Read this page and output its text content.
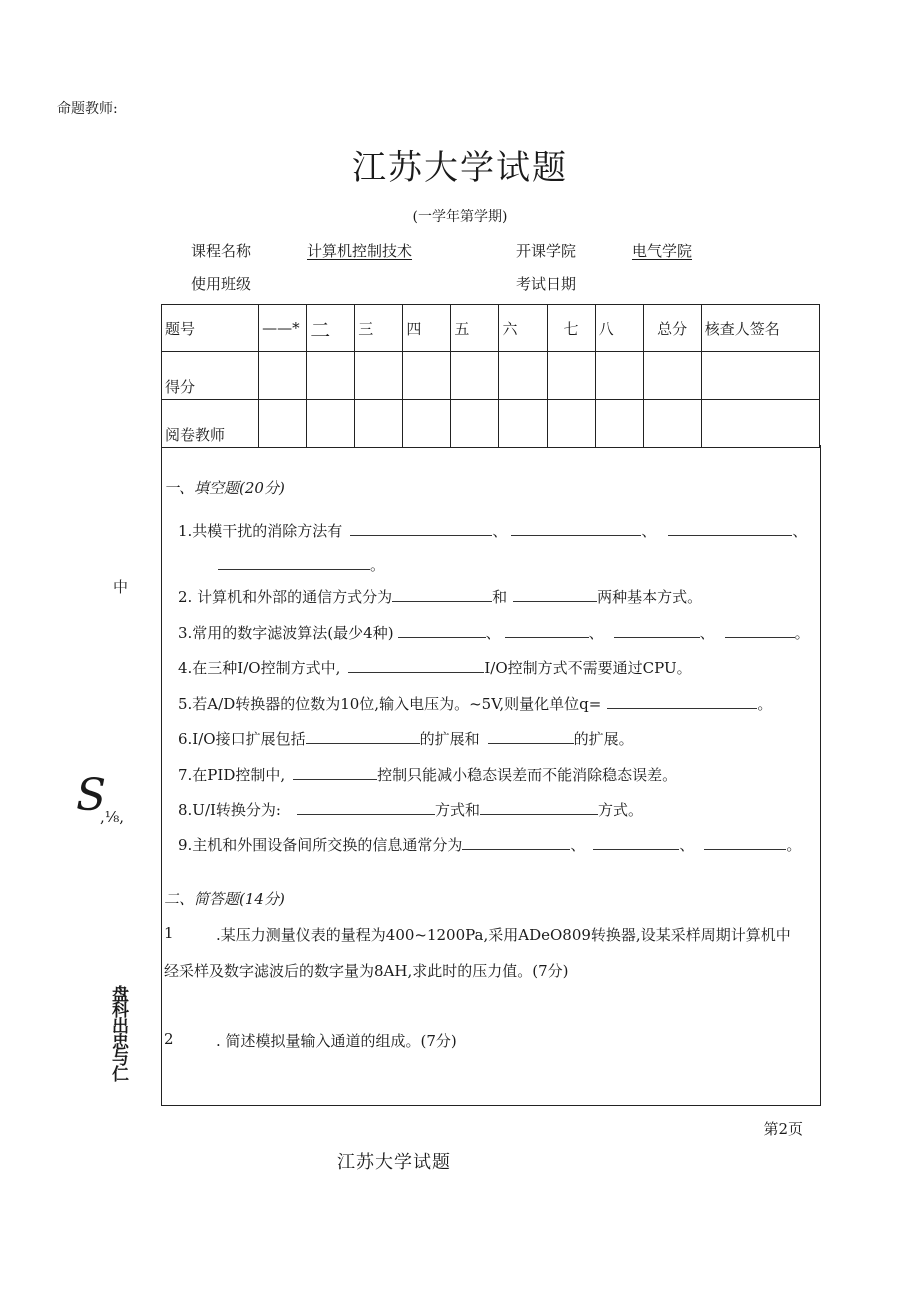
命题教师:
江苏大学试题
(一学年第学期)
课程名称	计算机控制技术	开课学院	电气学院
使用班级	考试日期
题号	——*	二	三	四	五	六	七	八	总分	核查人签名
得分										
阅卷教师										
一、填空题(20分)
1.共模干扰的消除方法有	、	、	、
。
2. 计算机和外部的通信方式分为	和	两种基本方式。
3.常用的数字滤波算法(最少4种)	、	、	、	。
4.在三种I/O控制方式中,	I/O控制方式不需要通过CPU。
5.若A/D转换器的位数为10位,输入电压为。~5V,则量化单位q=	。
6.I/O接口扩展包括	的扩展和	的扩展。
7.在PID控制中,	控制只能减小稳态误差而不能消除稳态误差。
8.U/I转换分为:	方式和	方式。
9.主机和外围设备间所交换的信息通常分为	、	、	。
二、简答题(14分)
1	.某压力测量仪表的量程为400~1200Pa,采用ADeO809转换器,设某采样周期计算机中
经采样及数字滤波后的数字量为8AH,求此时的压力值。(7分)
2	. 简述模拟量输入通道的组成。(7分)
中
S
,⅛,
盘科出忠与仁
第2页
江苏大学试题
